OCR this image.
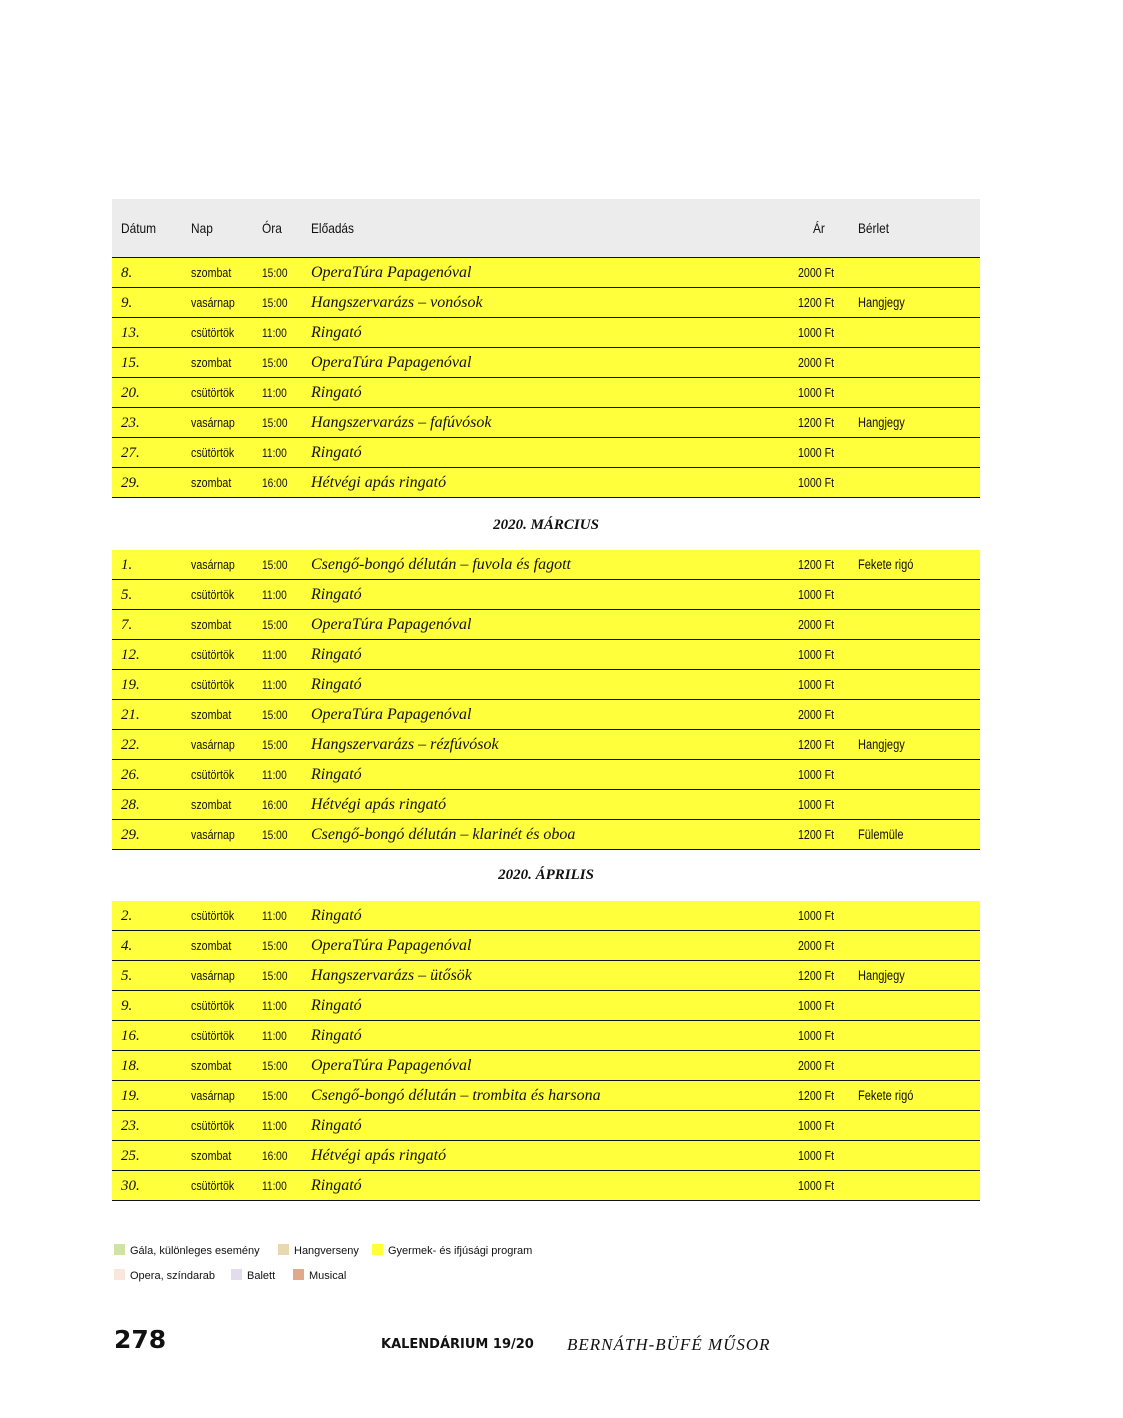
Dátum Nap	Óra Előadás	Ár Bérlet
8.	szombat	15:00 OperaTúra Papagenóval	2000 Ft
9.	vasárnap 15:00 Hangszervarázs – vonósok	1200 Ft Hangjegy
13.	csütörtök 11:00 Ringató	1000 Ft
15.	szombat	15:00 OperaTúra Papagenóval	2000 Ft
20.	csütörtök 11:00 Ringató	1000 Ft
23.	vasárnap 15:00 Hangszervarázs – fafúvósok	1200 Ft Hangjegy
27.	csütörtök 11:00 Ringató	1000 Ft
29.	szombat	16:00 Hétvégi apás ringató	1000 Ft
2020. MÁRCIUS
1.	vasárnap 15:00 Csengő-bongó délután – fuvola és fagott	1200 Ft Fekete rigó
5.	csütörtök 11:00 Ringató	1000 Ft
7.	szombat	15:00 OperaTúra Papagenóval	2000 Ft
12.	csütörtök 11:00 Ringató	1000 Ft
19.	csütörtök 11:00 Ringató	1000 Ft
21.	szombat	15:00 OperaTúra Papagenóval	2000 Ft
22.	vasárnap 15:00 Hangszervarázs – rézfúvósok	1200 Ft Hangjegy
26.	csütörtök 11:00 Ringató	1000 Ft
28.	szombat	16:00 Hétvégi apás ringató	1000 Ft
29.	vasárnap 15:00 Csengő-bongó délután – klarinét és oboa	1200 Ft Fülemüle
2020. ÁPRILIS
2.	csütörtök 11:00 Ringató	1000 Ft
4.	szombat	15:00 OperaTúra Papagenóval	2000 Ft
5.	vasárnap 15:00 Hangszervarázs – ütősök	1200 Ft Hangjegy
9.	csütörtök 11:00 Ringató	1000 Ft
16.	csütörtök 11:00 Ringató	1000 Ft
18.	szombat	15:00 OperaTúra Papagenóval	2000 Ft
19.	vasárnap 15:00 Csengő-bongó délután – trombita és harsona	1200 Ft Fekete rigó
23.	csütörtök 11:00 Ringató	1000 Ft
25.	szombat	16:00 Hétvégi apás ringató	1000 Ft
30.	csütörtök 11:00 Ringató	1000 Ft
Gála, különleges esemény	Hangverseny	Gyermek- és ifjúsági program
Opera, színdarab	Balett	Musical
278	KALENDÁRIUM 19/20 BERNÁTH-BÜFÉ MŰSOR
